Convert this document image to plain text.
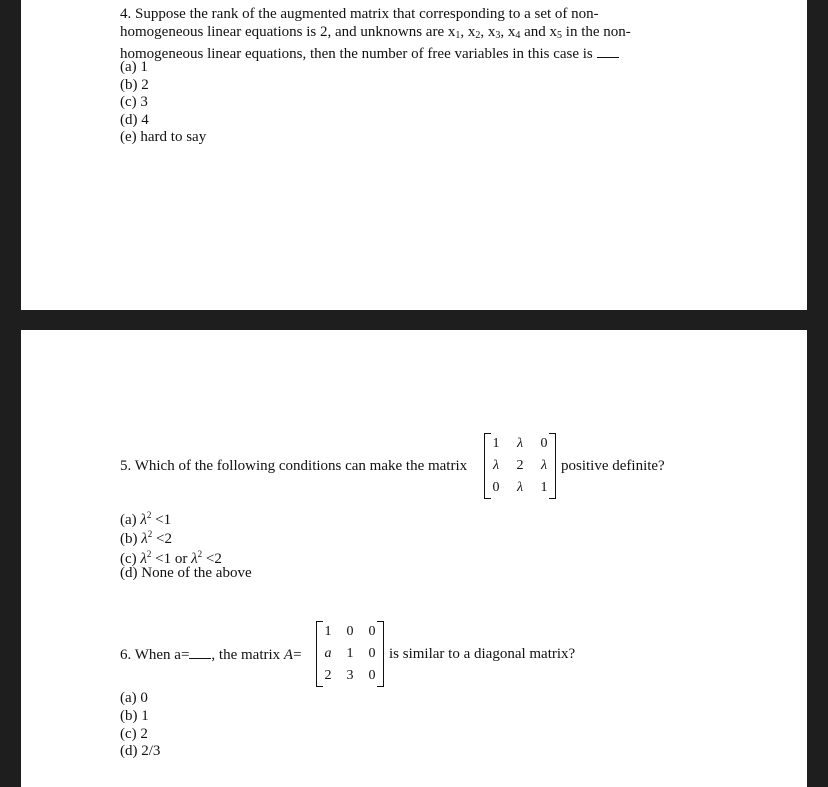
4. Suppose the rank of the augmented matrix that corresponding to a set of non-
homogeneous linear equations is 2, and unknowns are $x_1$, $x_2$, $x_3$, $x_4$ and $x_5$ in the non-
homogeneous linear equations, then the number of free variables in this case is
(a) 1
(b) 2
(c) 3
(d) 4
(e) hard to say
5. Which of the following conditions can make the matrix
1	λ	0
λ	2	λ
0	λ	1
positive definite?
(a) $\lambda^2 <1$
(b) $\lambda^2 <2$
(c) $\lambda^2 <1$ or $\lambda^2 <2$
(d) None of the above
6. When a= , the matrix A=
1	0	0
a	1	0
2	3	0
is similar to a diagonal matrix?
(a) 0
(b) 1
(c) 2
(d) 2/3
